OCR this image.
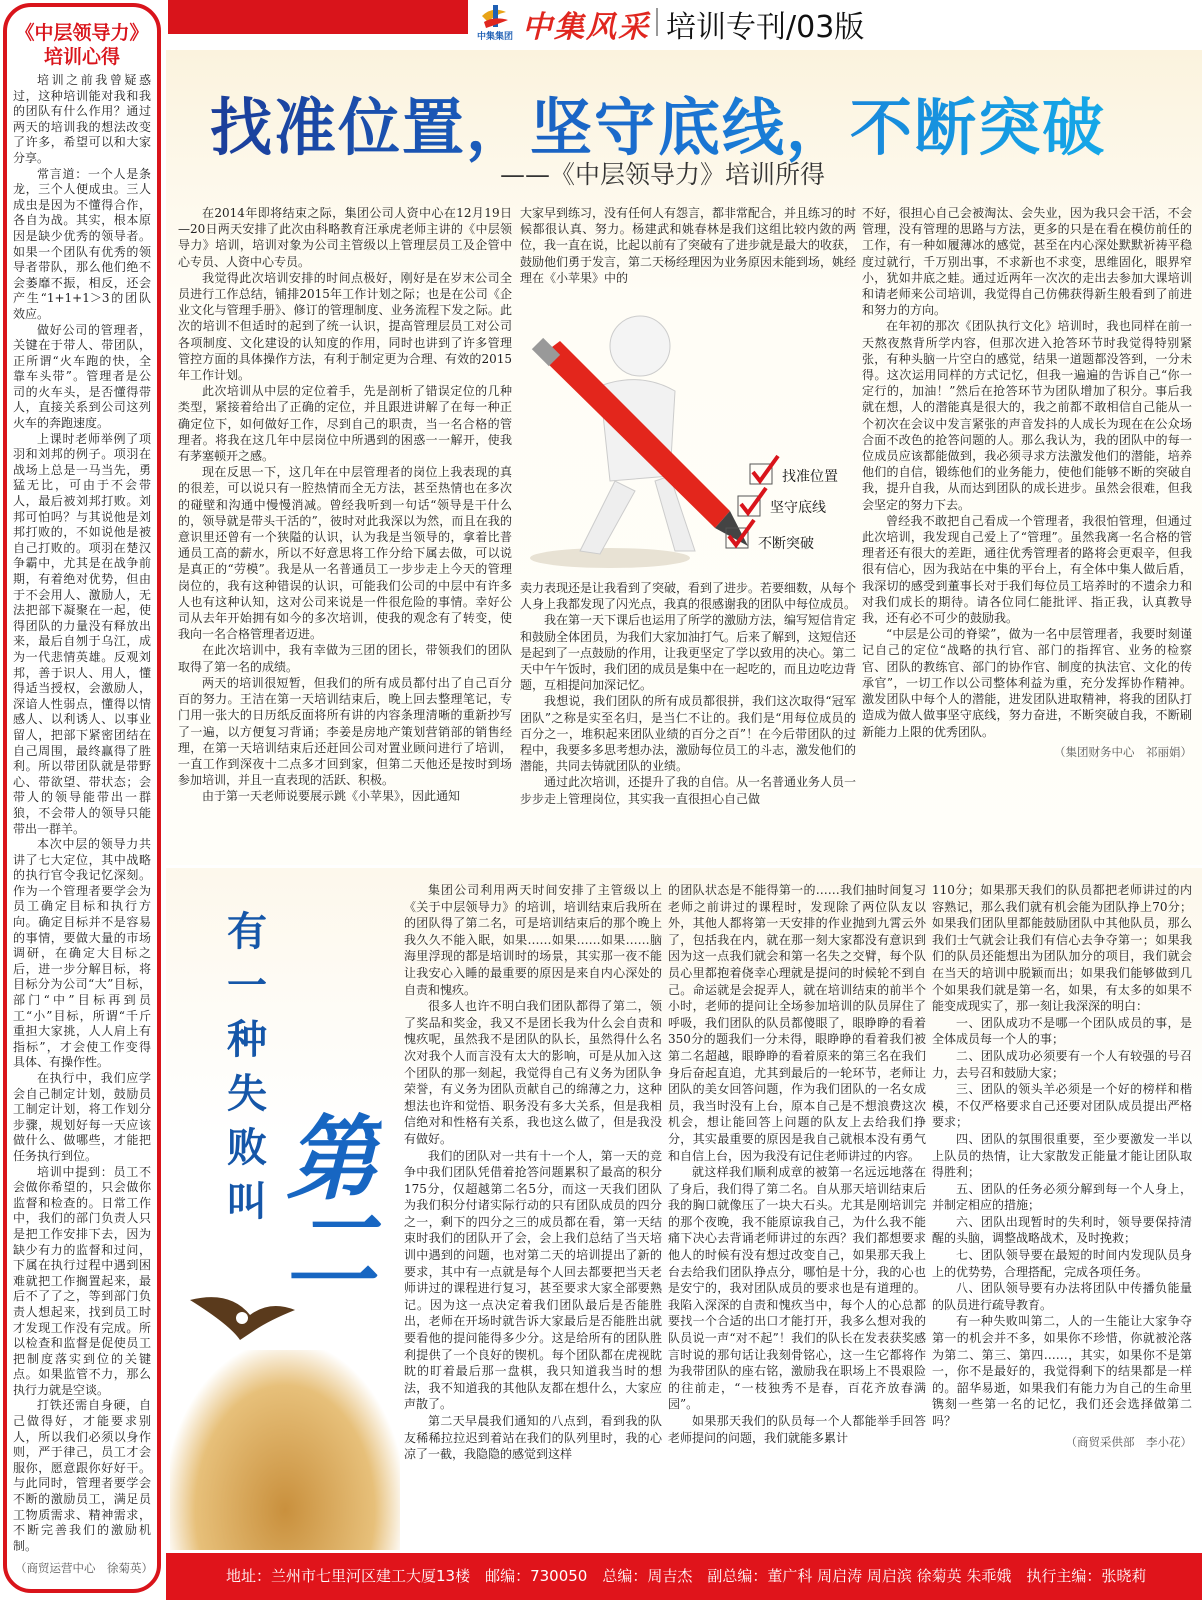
《中层领导力》
培训心得

培训之前我曾疑惑过，这种培训能对我和我的团队有什么作用？通过两天的培训我的想法改变了许多，希望可以和大家分享。

常言道：一个人是条龙，三个人便成虫。三人成虫是因为不懂得合作，各自为战。其实，根本原因是缺少优秀的领导者。如果一个团队有优秀的领导者带队，那么他们绝不会萎靡不振，相反，还会产生“1+1+1＞3的团队效应。

做好公司的管理者，关键在于带人、带团队，正所谓“火车跑的快，全靠车头带”。管理者是公司的火车头，是否懂得带人，直接关系到公司这列火车的奔跑速度。

上课时老师举例了项羽和刘邦的例子。项羽在战场上总是一马当先，勇猛无比，可由于不会带人，最后被刘邦打败。刘邦可怕吗？与其说他是刘邦打败的，不如说他是被自己打败的。项羽在楚汉争霸中，尤其是在战争前期，有着绝对优势，但由于不会用人、激励人，无法把部下凝聚在一起，使得团队的力量没有释放出来，最后自刎于乌江，成为一代悲情英雄。反观刘邦，善于识人、用人，懂得适当授权，会激励人，深谙人性弱点，懂得以情感人、以利诱人、以事业留人，把部下紧密团结在自己周围，最终赢得了胜利。所以带团队就是带野心、带欲望、带状态；会带人的领导能带出一群狼，不会带人的领导只能带出一群羊。

本次中层的领导力共讲了七大定位，其中战略的执行官令我记忆深刻。作为一个管理者要学会为员工确定目标和执行方向。确定目标并不是容易的事情，要做大量的市场调研，在确定大目标之后，进一步分解目标，将目标分为公司“大”目标，部门“中”目标再到员工“小”目标，所谓“千斤重担大家挑，人人肩上有指标”，才会使工作变得具体、有操作性。

在执行中，我们应学会自己制定计划，鼓励员工制定计划，将工作划分步骤，规划好每一天应该做什么、做哪些，才能把任务执行到位。

培训中提到：员工不会做你希望的，只会做你监督和检查的。日常工作中，我们的部门负责人只是把工作安排下去，因为缺少有力的监督和过问，下属在执行过程中遇到困难就把工作搁置起来，最后不了了之，等到部门负责人想起来，找到员工时才发现工作没有完成。所以检查和监督是促使员工把制度落实到位的关键点。如果监管不力，那么执行力就是空谈。

打铁还需自身硬，自己做得好，才能要求别人，所以我们必须以身作则，严于律己，员工才会服你，愿意跟你好好干。与此同时，管理者要学会不断的激励员工，满足员工物质需求、精神需求，不断完善我们的激励机制。

（商贸运营中心　徐菊英）
中集集团 中集风采 培训专刊/03版
找准位置，坚守底线，不断突破
——《中层领导力》培训所得

在2014年即将结束之际，集团公司人资中心在12月19日—20日两天安排了此次由科略教育汪承虎老师主讲的《中层领导力》培训，培训对象为公司主管级以上管理层员工及企管中心专员、人资中心专员。

我觉得此次培训安排的时间点极好，刚好是在岁末公司全员进行工作总结，铺排2015年工作计划之际；也是在公司《企业文化与管理手册》、修订的管理制度、业务流程下发之际。此次的培训不但适时的起到了统一认识，提高管理层员工对公司各项制度、文化建设的认知度的作用，同时也讲到了许多管理管控方面的具体操作方法，有利于制定更为合理、有效的2015年工作计划。

此次培训从中层的定位着手，先是剖析了错误定位的几种类型，紧接着给出了正确的定位，并且跟进讲解了在每一种正确定位下，如何做好工作，尽到自己的职责，当一名合格的管理者。将我在这几年中层岗位中所遇到的困惑一一解开，使我有茅塞顿开之感。

现在反思一下，这几年在中层管理者的岗位上我表现的真的很差，可以说只有一腔热情而全无方法，甚至热情也在多次的碰壁和沟通中慢慢消减。曾经我听到一句话“领导是干什么的，领导就是带头干活的”，彼时对此我深以为然，而且在我的意识里还曾有一个狭隘的认识，认为我是当领导的，拿着比普通员工高的薪水，所以不好意思将工作分给下属去做，可以说是真正的“劳模”。我是从一名普通员工一步步走上今天的管理岗位的，我有这种错误的认识，可能我们公司的中层中有许多人也有这种认知，这对公司来说是一件很危险的事情。幸好公司从去年开始拥有如今的多次培训，使我的观念有了转变，使我向一名合格管理者迈进。

在此次培训中，我有幸做为三团的团长，带领我们的团队取得了第一名的成绩。

两天的培训很短暂，但我们的所有成员都付出了自己百分百的努力。王洁在第一天培训结束后，晚上回去整理笔记，专门用一张大的日历纸反面将所有讲的内容条理清晰的重新抄写了一遍，以方便复习背诵；李姜是房地产策划营销部的销售经理，在第一天培训结束后还赶回公司对置业顾问进行了培训，一直工作到深夜十二点多才回到家，但第二天他还是按时到场参加培训，并且一直表现的活跃、积极。

由于第一天老师说要展示跳《小苹果》，因此通知

大家早到练习，没有任何人有怨言，都非常配合，并且练习的时候都很认真、努力。杨建武和姚春林是我们这组比较内敛的两位，我一直在说，比起以前有了突破有了进步就是最大的收获，鼓励他们勇于发言，第二天杨经理因为业务原因未能到场，姚经理在《小苹果》中的

卖力表现还是让我看到了突破，看到了进步。若要细数，从每个人身上我都发现了闪光点，我真的很感谢我的团队中每位成员。

我在第一天下课后也运用了所学的激励方法，编写短信肯定和鼓励全体团员，为我们大家加油打气。后来了解到，这短信还是起到了一点鼓励的作用，让我更坚定了学以致用的决心。第二天中午午饭时，我们团的成员是集中在一起吃的，而且边吃边背题，互相提问加深记忆。

我想说，我们团队的所有成员都很拼，我们这次取得“冠军团队”之称是实至名归，是当仁不让的。我们是“用每位成员的百分之一，堆积起来团队业绩的百分之百”！在今后带团队的过程中，我要多多思考想办法，激励每位员工的斗志，激发他们的潜能，共同去铸就团队的业绩。

通过此次培训，还提升了我的自信。从一名普通业务人员一步步走上管理岗位，其实我一直很担心自己做

不好，很担心自己会被淘汰、会失业，因为我只会干活，不会管理，没有管理的思路与方法，更多的只是在看在模仿前任的工作，有一种如履薄冰的感觉，甚至在内心深处默默祈祷平稳度过就行，千万别出事，不求新也不求变，思维固化，眼界窄小，犹如井底之蛙。通过近两年一次次的走出去参加大课培训和请老师来公司培训，我觉得自己仿佛获得新生般看到了前进和努力的方向。

在年初的那次《团队执行文化》培训时，我也同样在前一天熬夜熬背所学内容，但那次进入抢答环节时我觉得特别紧张，有种头脑一片空白的感觉，结果一道题都没答到，一分未得。这次运用同样的方式记忆，但我一遍遍的告诉自己“你一定行的，加油！”然后在抢答环节为团队增加了积分。事后我就在想，人的潜能真是很大的，我之前都不敢相信自己能从一个初次在会议中发言紧张的声音发抖的人成长为现在在公众场合面不改色的抢答问题的人。那么我认为，我的团队中的每一位成员应该都能做到，我必须寻求方法激发他们的潜能，培养他们的自信，锻练他们的业务能力，使他们能够不断的突破自我，提升自我，从而达到团队的成长进步。虽然会很难，但我会坚定的努力下去。

曾经我不敢把自己看成一个管理者，我很怕管理，但通过此次培训，我发现自己爱上了“管理”。虽然我离一名合格的管理者还有很大的差距，通往优秀管理者的路将会更艰辛，但我很有信心，因为我站在中集的平台上，有全体中集人做后盾，我深切的感受到董事长对于我们每位员工培养时的不遗余力和对我们成长的期待。请各位同仁能批评、指正我，认真教导我，还有必不可少的鼓励我。

“中层是公司的脊梁”，做为一名中层管理者，我要时刻谨记自己的定位“战略的执行官、部门的指挥官、业务的检察官、团队的教练官、部门的协作官、制度的执法官、文化的传承官”，一切工作以公司整体利益为重，充分发挥协作精神。激发团队中每个人的潜能，进发团队进取精神，将我的团队打造成为做人做事坚守底线，努力奋进，不断突破自我，不断刷新能力上限的优秀团队。

（集团财务中心　祁丽娟）
找准位置
坚守底线
不断突破
有一种失败叫 第二

集团公司利用两天时间安排了主管级以上《关于中层领导力》的培训，培训结束后我所在的团队得了第二名，可是培训结束后的那个晚上我久久不能入眠，如果……如果……如果……脑海里浮现的都是培训时的场景，其实那一夜不能让我安心入睡的最重要的原因是来自内心深处的自责和愧疚。

很多人也许不明白我们团队都得了第二，领了奖品和奖金，我又不是团长我为什么会自责和愧疚呢，虽然我不是团队的队长，虽然得什么名次对我个人而言没有太大的影响，可是从加入这个团队的那一刻起，我觉得自己有义务为团队争荣誉，有义务为团队贡献自己的绵薄之力，这种想法也许和觉悟、职务没有多大关系，但是我相信绝对和性格有关系，我也这么做了，但是我没有做好。

我们的团队对一共有十一个人，第一天的竞争中我们团队凭借着抢答问题累积了最高的积分175分，仅超越第二名5分，而这一天我们团队为我们积分付诸实际行动的只有团队成员的四分之一，剩下的四分之三的成员都在看，第一天结束时我们的团队开了会，会上我们总结了当天培训中遇到的问题，也对第二天的培训提出了新的要求，其中有一点就是每个人回去都要把当天老师讲过的课程进行复习，甚至要求大家全部要熟记。因为这一点决定着我们团队最后是否能胜出，老师在开场时就告诉大家最后是否能胜出就要看他的提问能得多少分。这是给所有的团队胜利提供了一个良好的锲机。每个团队都在虎视眈眈的盯着最后那一盘棋，我只知道我当时的想法，我不知道我的其他队友都在想什么，大家应声散了。

第二天早晨我们通知的八点到，看到我的队友稀稀拉拉迟到着站在我们的队列里时，我的心凉了一截，我隐隐的感觉到这样

的团队状态是不能得第一的……我们抽时间复习老师之前讲过的课程时，发现除了两位队友以外，其他人都将第一天安排的作业抛到九霄云外了，包括我在内，就在那一刻大家都没有意识到因为这一点我们就会和第一名失之交臂，每个队员心里都抱着侥幸心理就是提问的时候轮不到自己。命运就是会捉弄人，就在培训结束的前半个小时，老师的提问让全场参加培训的队员屏住了呼吸，我们团队的队员都傻眼了，眼睁睁的看着350分的题我们一分未得，眼睁睁的看着我们被第二名超越，眼睁睁的看着原来的第三名在我们身后奋起直追，尤其到最后的一轮环节，老师让团队的美女回答问题，作为我们团队的一名女成员，我当时没有上台，原本自己是不想浪费这次机会，想让能回答上问题的队友上去给我们挣分，其实最重要的原因是我自己就根本没有勇气和自信上台，因为我没有记住老师讲过的内容。

就这样我们顺利成章的被第一名远远地落在了身后，我们得了第二名。自从那天培训结束后我的胸口就像压了一块大石头。尤其是刚培训完的那个夜晚，我不能原谅我自己，为什么我不能痛下决心去背诵老师讲过的东西？我们都想要求他人的时候有没有想过改变自己，如果那天我上台去给我们团队挣点分，哪怕是十分，我的心也是安宁的，我对团队成员的要求也是有道理的。我陷入深深的自责和愧疚当中，每个人的心总都要找一个合适的出口才能打开，我多么想对我的队员说一声“对不起”！我们的队长在发表获奖感言时说的那句话让我刻骨铭心，这一生它都将作为我带团队的座右铭，激励我在职场上不畏艰险的往前走，“一枝独秀不是春，百花齐放春满园”。

如果那天我们的队员每一个人都能举手回答老师提问的问题，我们就能多累计

110分；如果那天我们的队员都把老师讲过的内容熟记，那么我们就有机会能为团队挣上70分；如果我们团队里都能鼓励团队中其他队员，那么我们士气就会让我们有信心去争夺第一；如果我们的队员还能想出为团队加分的项目，我们就会在当天的培训中脱颖而出；如果我们能够做到几个如果我们就是第一名，如果，有太多的如果不能变成现实了，那一刻让我深深的明白：

一、团队成功不是哪一个团队成员的事，是全体成员每一个人的事；

二、团队成功必须要有一个人有较强的号召力，去号召和鼓励大家；

三、团队的领头羊必须是一个好的榜样和楷模，不仅严格要求自己还要对团队成员提出严格要求；

四、团队的氛围很重要，至少要激发一半以上队员的热情，让大家散发正能量才能让团队取得胜利；

五、团队的任务必须分解到每一个人身上，并制定相应的措施；

六、团队出现暂时的失利时，领导要保持清醒的头脑，调整战略战术，及时挽救；

七、团队领导要在最短的时间内发现队员身上的优势势，合理搭配，完成各项任务。

八、团队领导要有办法将团队中传播负能量的队员进行疏导教育。

有一种失败叫第二，人的一生能让大家争夺第一的机会并不多，如果你不珍惜，你就被沦落为第二、第三、第四……，其实，如果你不是第一，你不是最好的，我觉得剩下的结果都是一样的。韶华易逝，如果我们有能力为自己的生命里镌刻一些第一名的记忆，我们还会选择做第二吗？

（商贸采供部　李小花）
地址：兰州市七里河区建工大厦13楼　邮编：730050　总编：周吉杰　副总编：董广科 周启涛 周启滨 徐菊英 朱乖娥　执行主编：张晓莉
